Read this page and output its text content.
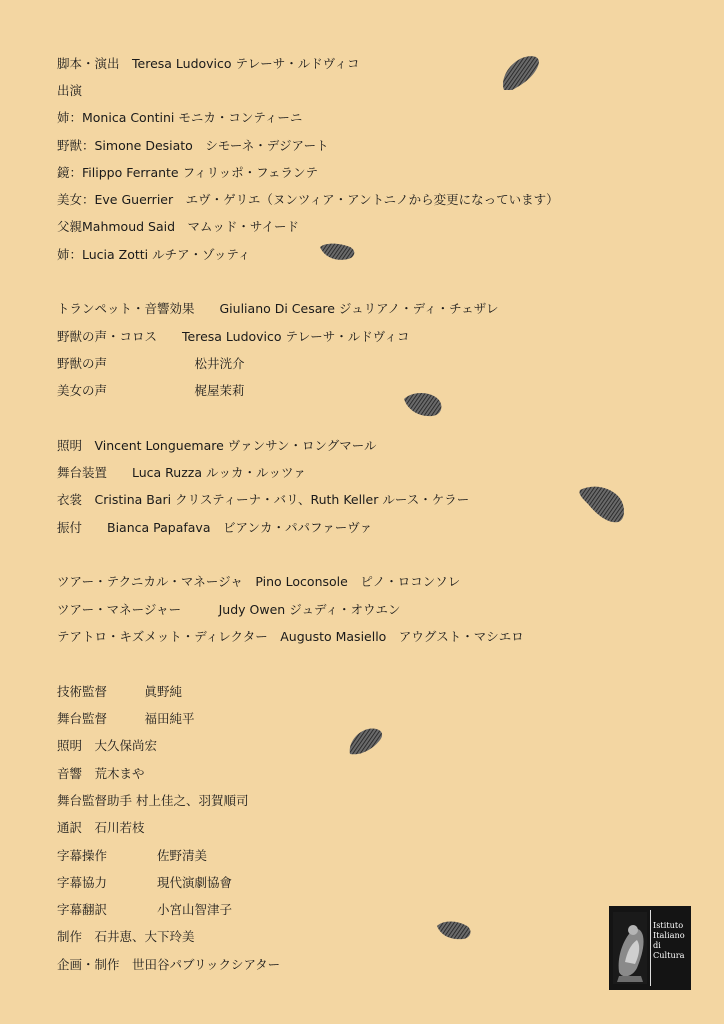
脚本・演出　Teresa Ludovico テレーサ・ルドヴィコ
出演
姉：Monica Contini モニカ・コンティーニ
野獣：Simone Desiato　シモーネ・デジアート
鏡：Filippo Ferrante フィリッポ・フェランテ
美女：Eve Guerrier　エヴ・ゲリエ（ヌンツィア・アントニノから変更になっています）
父親Mahmoud Said　マムッド・サイード
姉：Lucia Zotti ルチア・ゾッティ
トランペット・音響効果　　Giuliano Di Cesare ジュリアノ・ディ・チェザレ
野獣の声・コロス　　Teresa Ludovico テレーサ・ルドヴィコ
野獣の声　　　　　　　松井洸介
美女の声　　　　　　　梶屋茉莉
照明　Vincent Longuemare ヴァンサン・ロングマール
舞台装置　　Luca Ruzza ルッカ・ルッツァ
衣裳　Cristina Bari クリスティーナ・バリ、Ruth Keller ルース・ケラー
振付　　Bianca Papafava　ビアンカ・パパファーヴァ
ツアー・テクニカル・マネージャ　Pino Loconsole　ピノ・ロコンソレ
ツアー・マネージャー　　　Judy Owen ジュディ・オウエン
テアトロ・キズメット・ディレクター　Augusto Masiello　アウグスト・マシエロ
技術監督　　　眞野純
舞台監督　　　福田純平
照明　大久保尚宏
音響　荒木まや
舞台監督助手 村上佳之、羽賀順司
通訳　石川若枝
字幕操作　　　　佐野清美
字幕協力　　　　現代演劇協會
字幕翻訳　　　　小宮山智津子
制作　石井恵、大下玲美
企画・制作　世田谷パブリックシアター
Istituto
Italiano
di
Cultura
